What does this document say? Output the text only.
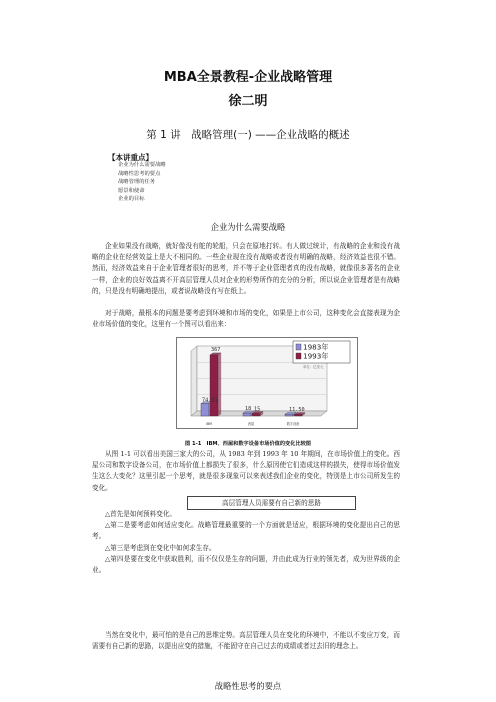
MBA全景教程-企业战略管理
徐二明
第 1 讲　战略管理(一) ——企业战略的概述
【本讲重点】
企业为什么需要战略
战略性思考的要点
战略管理的任务
愿景和使命
企业的目标
企业为什么需要战略

企业如果没有战略，就好像没有舵的轮船，只会在原地打转。有人做过统计，有战略的企业和没有战略的企业在经营效益上是大不相同的。一些企业现在没有战略或者没有明确的战略，经济效益也很不错。然而，经济效益来自于企业管理者很好的思考，并不等于企业管理者真的没有战略，就像很多著名的企业一样，企业的良好效益离不开高层管理人员对企业的形势所作的充分的分析，所以说企业管理者是有战略的，只是没有明确地提出，或者说战略没有写在纸上。

对于战略，最根本的问题是要考虑到环境和市场的变化，如果是上市公司，这种变化会直接表现为企业市场价值的变化，这里有一个图可以看出来：

IBM	西屋	数字设备
74.81
367
18 15	11.50
1983年
1993年
单位：亿美元
图 1-1　IBM、西屋和数字设备市场价值的变化比较图

从图 1-1 可以看出美国三家大的公司，从 1983 年到 1993 年 10 年期间，在市场价值上的变化。西屋公司和数字设备公司，在市场价值上都损失了很多，什么原因使它们造成这样的损失，使得市场价值发生这么大变化？这里引起一个思考，就是很多现象可以来表述我们企业的变化，特别是上市公司所发生的变化。

高层管理人员需要有自己新的思路
△首先是如何预料变化。
△第二是要考虑如何适应变化。战略管理最重要的一个方面就是适应，根据环境的变化提出自己的思考。
△第三是考虑到在变化中如何求生存。
△第四是要在变化中获取胜利，而不仅仅是生存的问题，并由此成为行业的领先者，成为世界级的企业。

当然在变化中，最可怕的是自己的思维定势。高层管理人员在变化的环境中，不能以不变应万变，而需要有自己新的思路，以提出应变的措施，不能固守在自己过去的成绩或者过去旧的理念上。

战略性思考的要点
